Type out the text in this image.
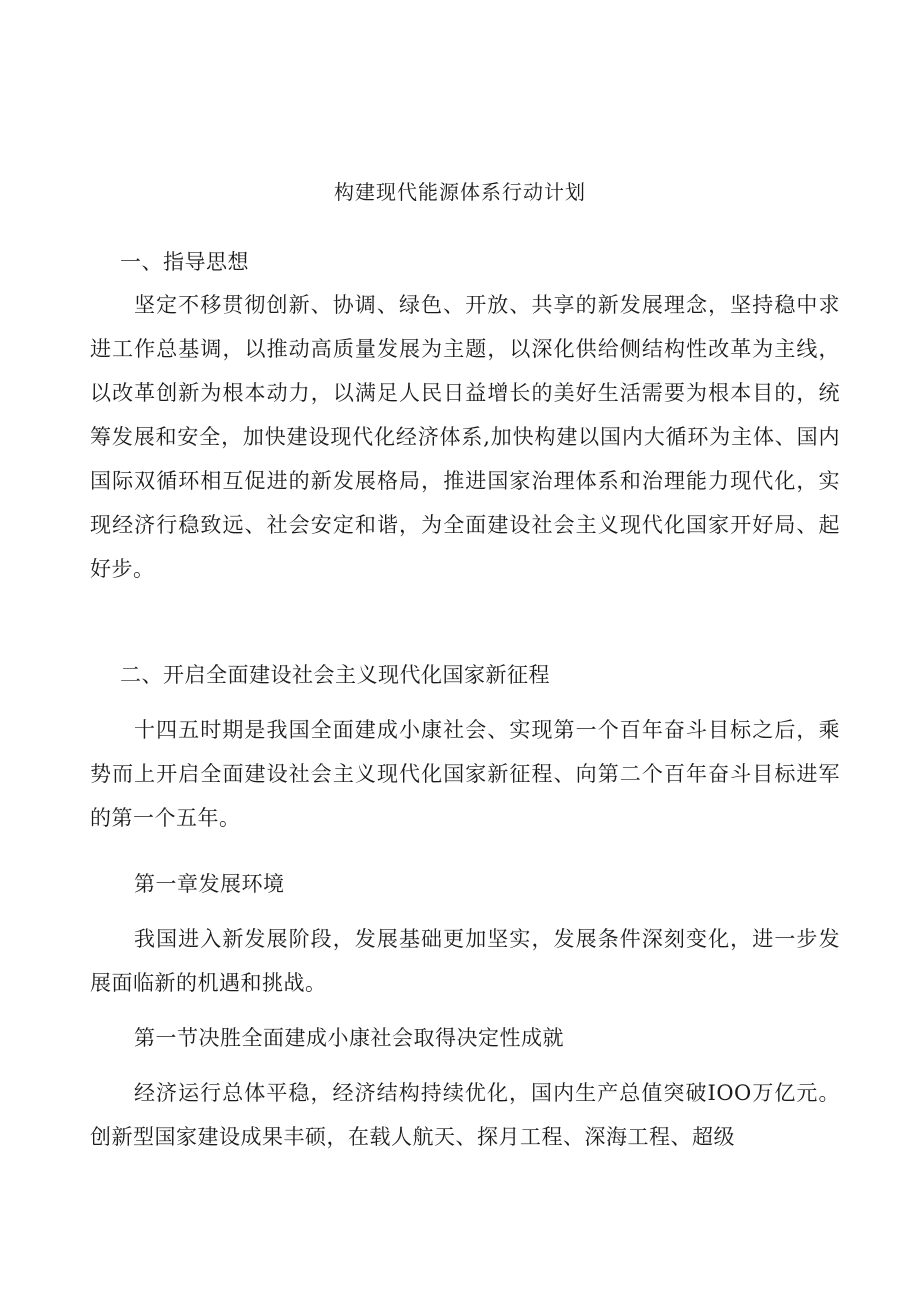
构建现代能源体系行动计划

一、指导思想

坚定不移贯彻创新、协调、绿色、开放、共享的新发展理念，坚持稳中求进工作总基调，以推动高质量发展为主题，以深化供给侧结构性改革为主线，以改革创新为根本动力，以满足人民日益增长的美好生活需要为根本目的，统筹发展和安全，加快建设现代化经济体系,加快构建以国内大循环为主体、国内国际双循环相互促进的新发展格局，推进国家治理体系和治理能力现代化，实现经济行稳致远、社会安定和谐，为全面建设社会主义现代化国家开好局、起好步。

二、开启全面建设社会主义现代化国家新征程

十四五时期是我国全面建成小康社会、实现第一个百年奋斗目标之后，乘势而上开启全面建设社会主义现代化国家新征程、向第二个百年奋斗目标进军的第一个五年。

第一章发展环境

我国进入新发展阶段，发展基础更加坚实，发展条件深刻变化，进一步发展面临新的机遇和挑战。

第一节决胜全面建成小康社会取得决定性成就

经济运行总体平稳，经济结构持续优化，国内生产总值突破IOO万亿元。创新型国家建设成果丰硕，在载人航天、探月工程、深海工程、超级
